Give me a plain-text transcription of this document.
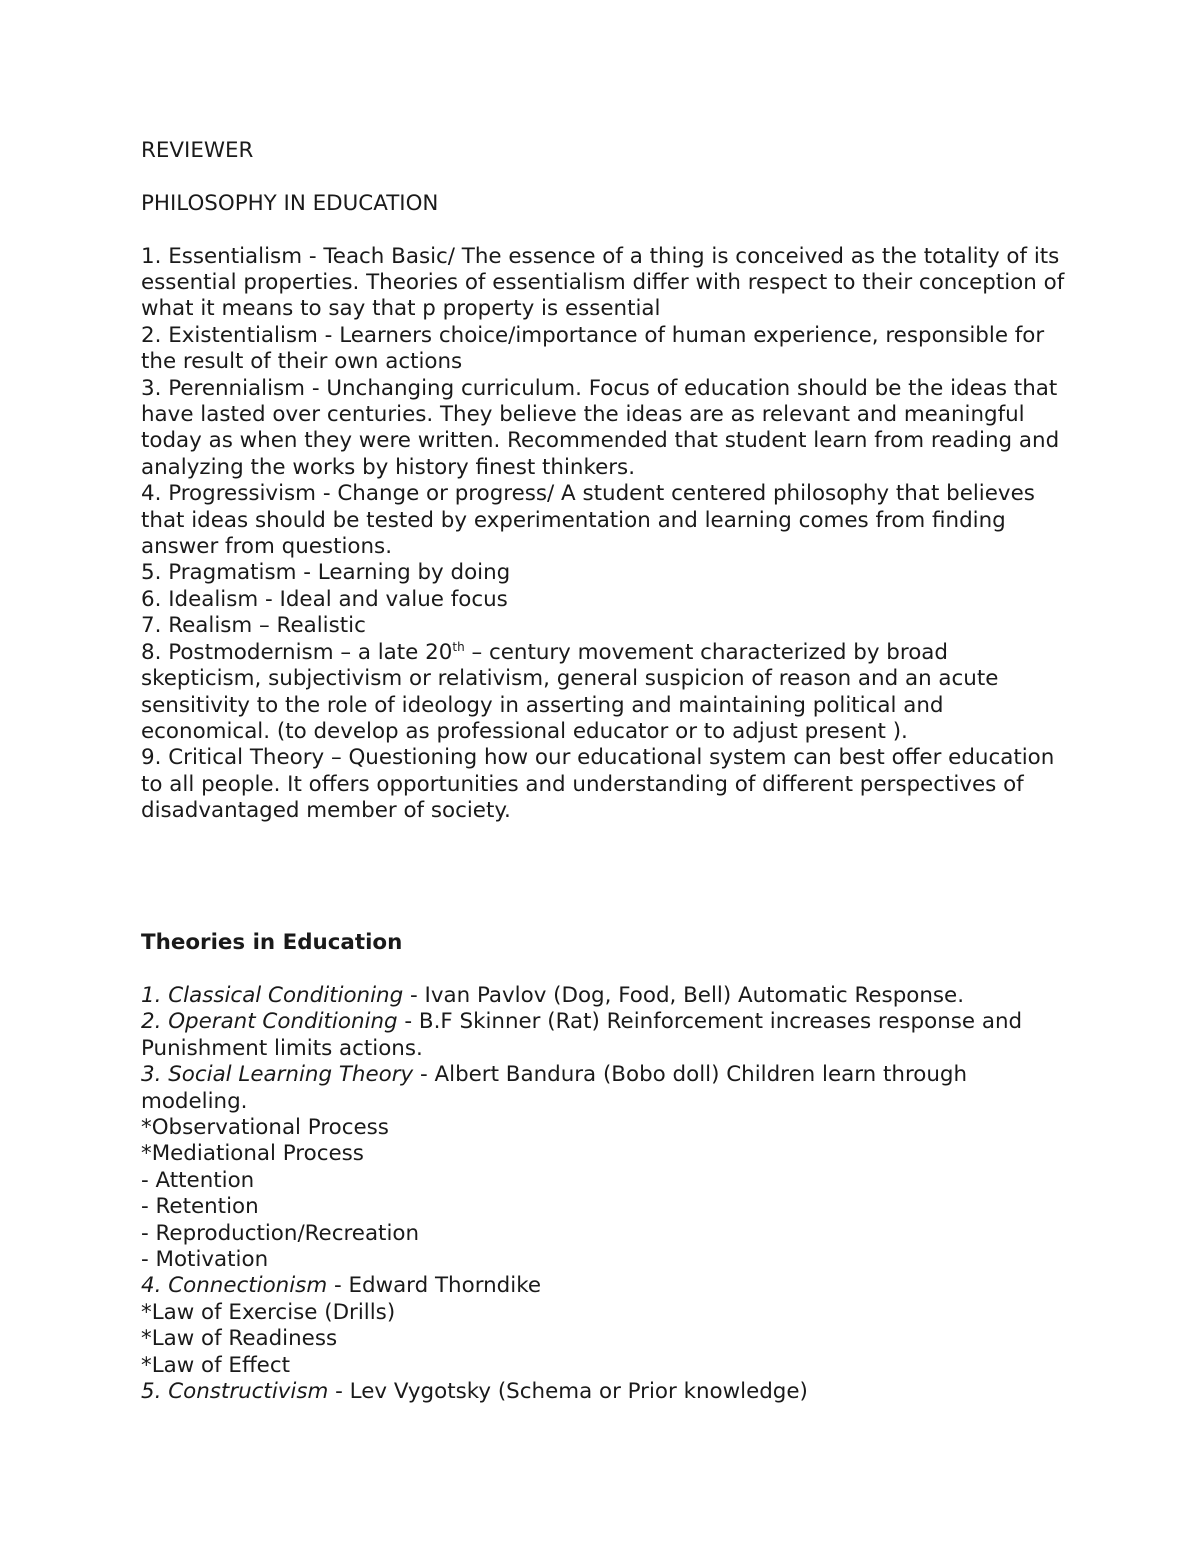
REVIEWER

PHILOSOPHY IN EDUCATION

1. Essentialism - Teach Basic/ The essence of a thing is conceived as the totality of its essential properties. Theories of essentialism differ with respect to their conception of what it means to say that p property is essential

2. Existentialism - Learners choice/importance of human experience, responsible for the result of their own actions

3. Perennialism - Unchanging curriculum. Focus of education should be the ideas that have lasted over centuries. They believe the ideas are as relevant and meaningful today as when they were written. Recommended that student learn from reading and analyzing the works by history finest thinkers.

4. Progressivism - Change or progress/ A student centered philosophy that believes that ideas should be tested by experimentation and learning comes from finding answer from questions.

5. Pragmatism - Learning by doing

6. Idealism - Ideal and value focus

7. Realism – Realistic

8. Postmodernism – a late 20th – century movement characterized by broad skepticism, subjectivism or relativism, general suspicion of reason and an acute sensitivity to the role of ideology in asserting and maintaining political and economical. (to develop as professional educator or to adjust present ).

9. Critical Theory – Questioning how our educational system can best offer education to all people. It offers opportunities and understanding of different perspectives of disadvantaged member of society.

Theories in Education

1. Classical Conditioning - Ivan Pavlov (Dog, Food, Bell) Automatic Response.

2. Operant Conditioning - B.F Skinner (Rat) Reinforcement increases response and Punishment limits actions.

3. Social Learning Theory - Albert Bandura (Bobo doll) Children learn through modeling.

*Observational Process

*Mediational Process

- Attention

- Retention

- Reproduction/Recreation

- Motivation

4. Connectionism - Edward Thorndike

*Law of Exercise (Drills)

*Law of Readiness

*Law of Effect

5. Constructivism - Lev Vygotsky (Schema or Prior knowledge)
